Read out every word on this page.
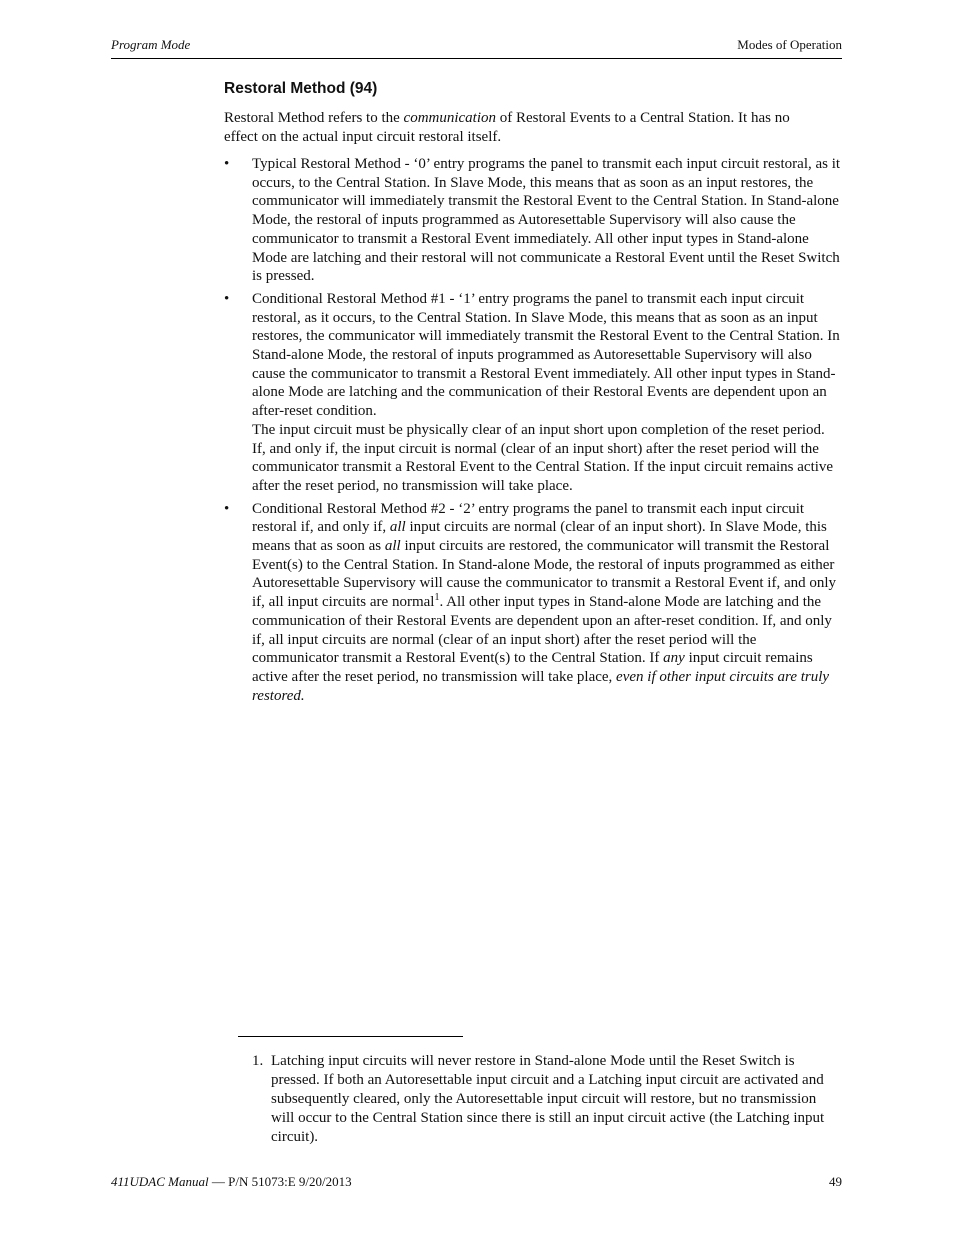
Program Mode	Modes of Operation
Restoral Method (94)

Restoral Method refers to the communication of Restoral Events to a Central Station. It has no effect on the actual input circuit restoral itself.

• Typical Restoral Method - ‘0’ entry programs the panel to transmit each input circuit restoral, as it occurs, to the Central Station. In Slave Mode, this means that as soon as an input restores, the communicator will immediately transmit the Restoral Event to the Central Station. In Stand-alone Mode, the restoral of inputs programmed as Autoresettable Supervisory will also cause the communicator to transmit a Restoral Event immediately. All other input types in Stand-alone Mode are latching and their restoral will not communicate a Restoral Event until the Reset Switch is pressed.
• Conditional Restoral Method #1 - ‘1’ entry programs the panel to transmit each input circuit restoral, as it occurs, to the Central Station. In Slave Mode, this means that as soon as an input restores, the communicator will immediately transmit the Restoral Event to the Central Station. In Stand-alone Mode, the restoral of inputs programmed as Autoresettable Supervisory will also cause the communicator to transmit a Restoral Event immediately. All other input types in Stand-alone Mode are latching and the communication of their Restoral Events are dependent upon an after-reset condition.
The input circuit must be physically clear of an input short upon completion of the reset period. If, and only if, the input circuit is normal (clear of an input short) after the reset period will the communicator transmit a Restoral Event to the Central Station. If the input circuit remains active after the reset period, no transmission will take place.
• Conditional Restoral Method #2 - ‘2’ entry programs the panel to transmit each input circuit restoral if, and only if, all input circuits are normal (clear of an input short). In Slave Mode, this means that as soon as all input circuits are restored, the communicator will transmit the Restoral Event(s) to the Central Station. In Stand-alone Mode, the restoral of inputs programmed as either Autoresettable Supervisory will cause the communicator to transmit a Restoral Event if, and only if, all input circuits are normal$^1$. All other input types in Stand-alone Mode are latching and the communication of their Restoral Events are dependent upon an after-reset condition. If, and only if, all input circuits are normal (clear of an input short) after the reset period will the communicator transmit a Restoral Event(s) to the Central Station. If any input circuit remains active after the reset period, no transmission will take place, even if other input circuits are truly restored.

1. Latching input circuits will never restore in Stand-alone Mode until the Reset Switch is pressed. If both an Autoresettable input circuit and a Latching input circuit are activated and subsequently cleared, only the Autoresettable input circuit will restore, but no transmission will occur to the Central Station since there is still an input circuit active (the Latching input circuit).

411UDAC Manual — P/N 51073:E 9/20/2013	49
